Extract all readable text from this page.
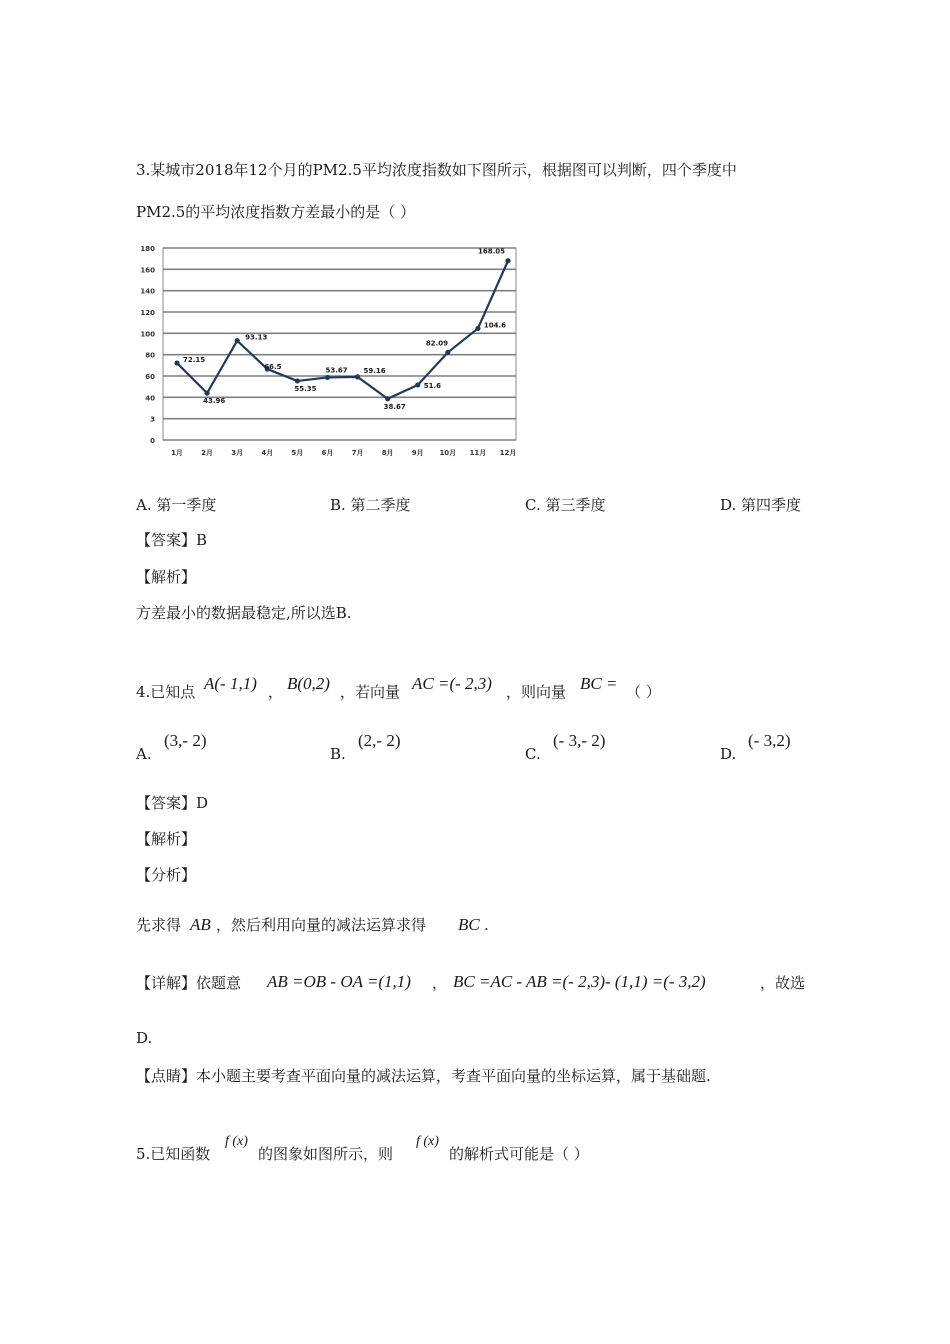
3.某城市2018年12个月的PM2.5平均浓度指数如下图所示，根据图可以判断，四个季度中
PM2.5的平均浓度指数方差最小的是（ ）
0
3
40
60
80
100
120
140
160
180
1月	2月	3月	4月	5月	6月	7月	8月	9月 10月 11月 12月
72.15
43.96
93.13
66.5
55.35
53.67 59.16
38.67
51.6
82.09
104.6
168.05
A. 第一季度	B. 第二季度	C. 第三季度	D. 第四季度
【答案】B
【解析】
方差最小的数据最稳定,所以选B.
4.已知点 A(- 1,1) ， B(0,2) ，若向量 AC =(- 2,3) ，则向量 BC = （ ）
A.
(3,- 2)
B.
(2,- 2)
C.
(- 3,- 2)
D.
(- 3,2)
【答案】D
【解析】
【分析】
先求得 AB ，然后利用向量的减法运算求得 BC .
【详解】依题意 AB =OB - OA =(1,1) ， BC =AC - AB =(- 2,3)- (1,1) =(- 3,2)	，故选
D.
【点睛】本小题主要考查平面向量的减法运算，考查平面向量的坐标运算，属于基础题.
5.已知函数
f (x)
的图象如图所示，则
f (x)
的解析式可能是（ ）
